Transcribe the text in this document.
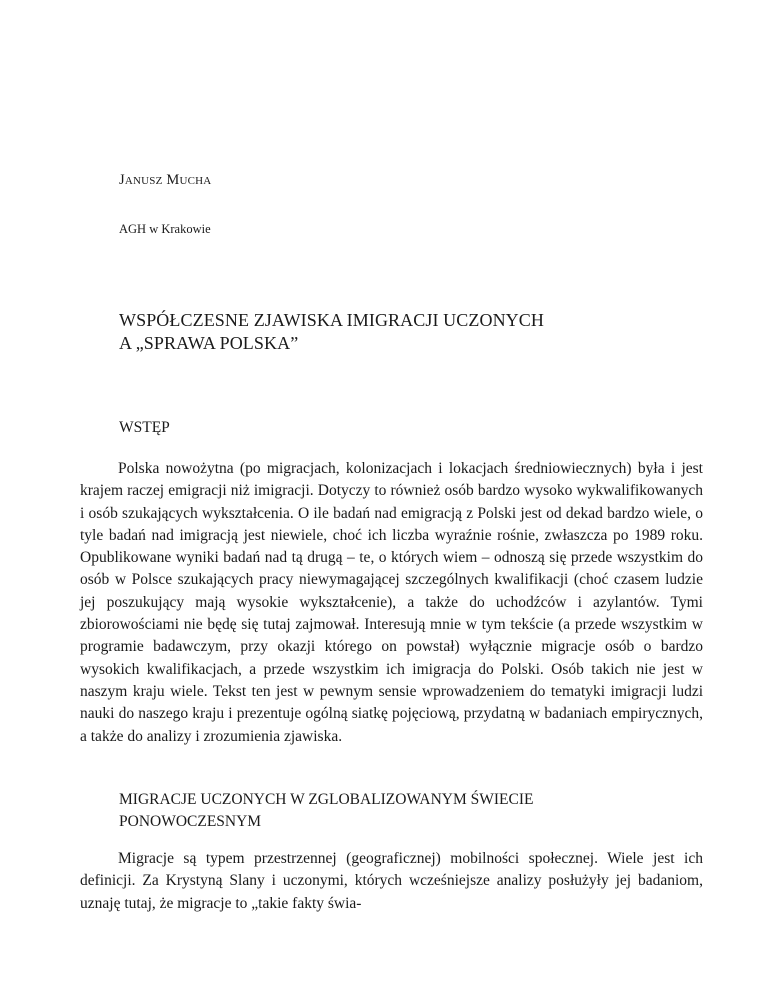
JANUSZ MUCHA

AGH w Krakowie

WSPÓŁCZESNE ZJAWISKA IMIGRACJI UCZONYCH
A „SPRAWA POLSKA”
WSTĘP

Polska nowożytna (po migracjach, kolonizacjach i lokacjach średniowiecznych) była i jest krajem raczej emigracji niż imigracji. Dotyczy to również osób bardzo wysoko wykwalifikowanych i osób szukających wykształcenia. O ile badań nad emigracją z Polski jest od dekad bardzo wiele, o tyle badań nad imigracją jest niewiele, choć ich liczba wyraźnie rośnie, zwłaszcza po 1989 roku. Opublikowane wyniki badań nad tą drugą – te, o których wiem – odnoszą się przede wszystkim do osób w Polsce szukających pracy niewymagającej szczególnych kwalifikacji (choć czasem ludzie jej poszukujący mają wysokie wykształcenie), a także do uchodźców i azylantów. Tymi zbiorowościami nie będę się tutaj zajmował. Interesują mnie w tym tekście (a przede wszystkim w programie badawczym, przy okazji którego on powstał) wyłącznie migracje osób o bardzo wysokich kwalifikacjach, a przede wszystkim ich imigracja do Polski. Osób takich nie jest w naszym kraju wiele. Tekst ten jest w pewnym sensie wprowadzeniem do tematyki imigracji ludzi nauki do naszego kraju i prezentuje ogólną siatkę pojęciową, przydatną w badaniach empirycznych, a także do analizy i zrozumienia zjawiska.

MIGRACJE UCZONYCH W ZGLOBALIZOWANYM ŚWIECIE
PONOWOCZESNYM

Migracje są typem przestrzennej (geograficznej) mobilności społecznej. Wiele jest ich definicji. Za Krystyną Slany i uczonymi, których wcześniejsze analizy posłużyły jej badaniom, uznaję tutaj, że migracje to „takie fakty świa-
